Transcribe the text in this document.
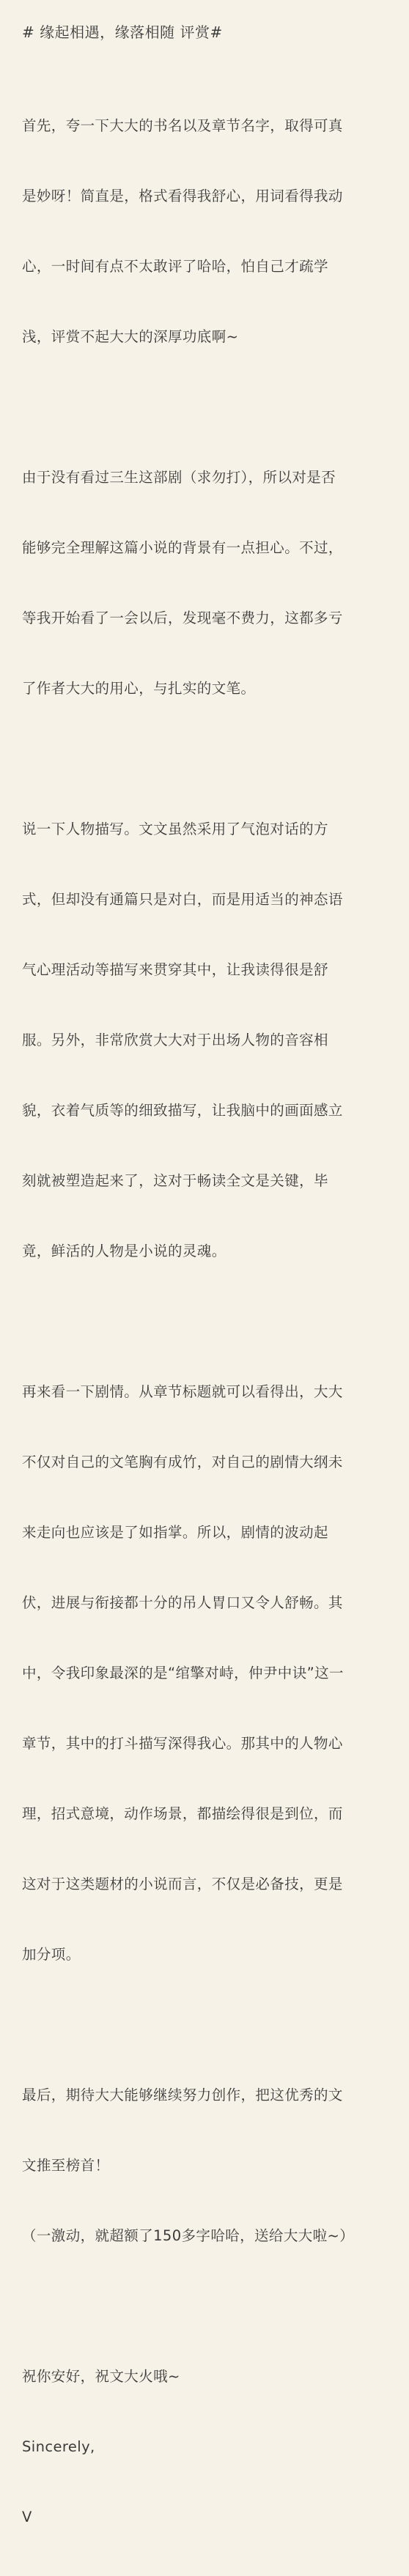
# 缘起相遇，缘落相随 评赏#

首先，夸一下大大的书名以及章节名字，取得可真

是妙呀！简直是，格式看得我舒心，用词看得我动

心，一时间有点不太敢评了哈哈，怕自己才疏学

浅，评赏不起大大的深厚功底啊~

由于没有看过三生这部剧（求勿打），所以对是否

能够完全理解这篇小说的背景有一点担心。不过，

等我开始看了一会以后，发现毫不费力，这都多亏

了作者大大的用心，与扎实的文笔。

说一下人物描写。文文虽然采用了气泡对话的方

式，但却没有通篇只是对白，而是用适当的神态语

气心理活动等描写来贯穿其中，让我读得很是舒

服。另外，非常欣赏大大对于出场人物的音容相

貌，衣着气质等的细致描写，让我脑中的画面感立

刻就被塑造起来了，这对于畅读全文是关键，毕

竟，鲜活的人物是小说的灵魂。

再来看一下剧情。从章节标题就可以看得出，大大

不仅对自己的文笔胸有成竹，对自己的剧情大纲未

来走向也应该是了如指掌。所以，剧情的波动起

伏，进展与衔接都十分的吊人胃口又令人舒畅。其

中，令我印象最深的是“绾擎对峙，仲尹中诀”这一

章节，其中的打斗描写深得我心。那其中的人物心

理，招式意境，动作场景，都描绘得很是到位，而

这对于这类题材的小说而言，不仅是必备技，更是

加分项。

最后，期待大大能够继续努力创作，把这优秀的文

文推至榜首！

（一激动，就超额了150多字哈哈，送给大大啦~）

祝你安好，祝文大火哦~

Sincerely,

V
